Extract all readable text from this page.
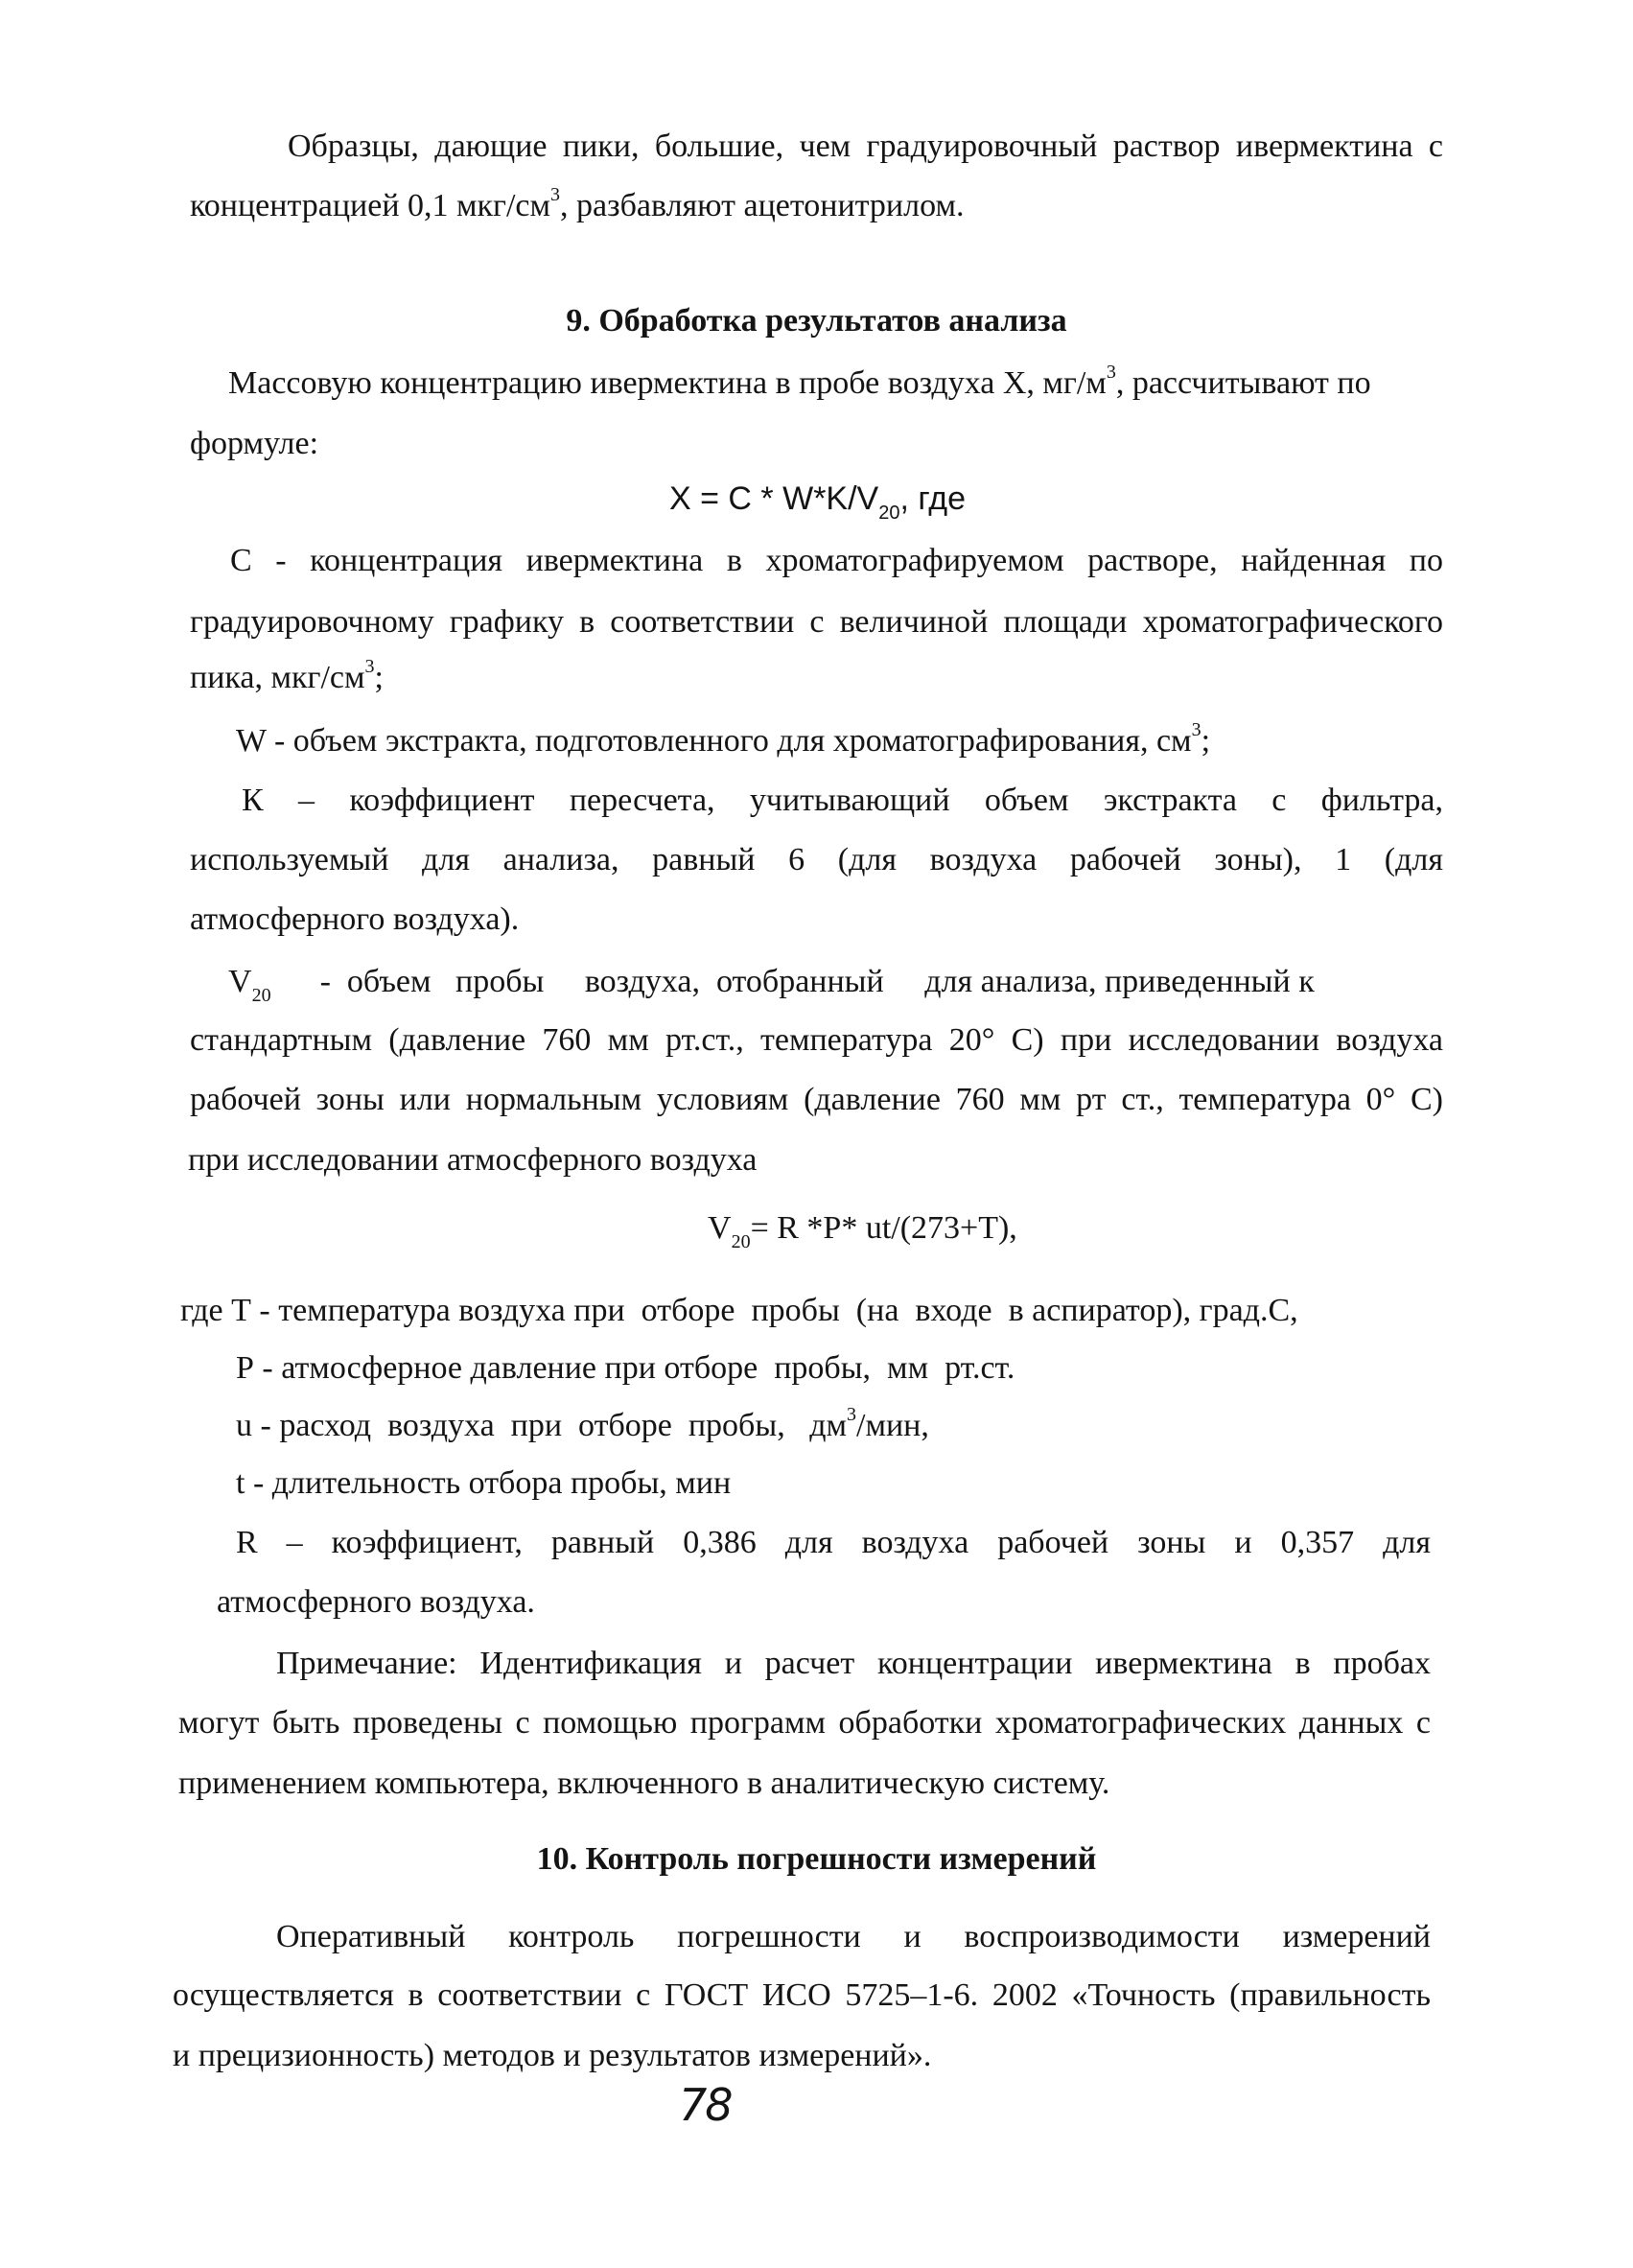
Образцы, дающие пики, большие, чем градуировочный раствор ивермектина с
концентрацией 0,1 мкг/$см^3$, разбавляют ацетонитрилом.
9. Обработка результатов анализа
Массовую концентрацию ивермектина в пробе воздуха X, $мг/м^3$, рассчитывают по
формуле:
$X = C * W*K/V_{20}$, где
С - концентрация ивермектина в хроматографируемом растворе, найденная по
градуировочному графику в соответствии с величиной площади хроматографического
пика, мкг/$см^3$;
W - объем экстракта, подготовленного для хроматографирования, $см^3$;
К – коэффициент пересчета, учитывающий объем экстракта с фильтра,
используемый для анализа, равный 6 (для воздуха рабочей зоны), 1 (для
атмосферного воздуха).
$V_{20}$      -  объем   пробы     воздуха,  отобранный     для анализа, приведенный к
стандартным (давление 760 мм рт.ст., температура 20° С) при исследовании воздуха
рабочей зоны или нормальным условиям (давление 760 мм рт ст., температура 0° С)
при исследовании атмосферного воздуха
$V_{20}= R$ *P* ut/(273+T),
где Т - температура воздуха при  отборе  пробы  (на  входе  в аспиратор), град.С,
Р - атмосферное давление при отборе  пробы,  мм  рт.ст.
u - расход  воздуха  при  отборе  пробы,   $дм^3$/мин,
t - длительность отбора пробы, мин
R – коэффициент, равный 0,386 для воздуха рабочей зоны и 0,357 для
атмосферного воздуха.
Примечание: Идентификация и расчет концентрации ивермектина в пробах
могут быть проведены с помощью программ обработки хроматографических данных с
применением компьютера, включенного в аналитическую систему.
10. Контроль погрешности измерений
Оперативный контроль погрешности и воспроизводимости измерений
осуществляется в соответствии с ГОСТ ИСО 5725–1-6. 2002 «Точность (правильность
и прецизионность) методов и результатов измерений».
78
